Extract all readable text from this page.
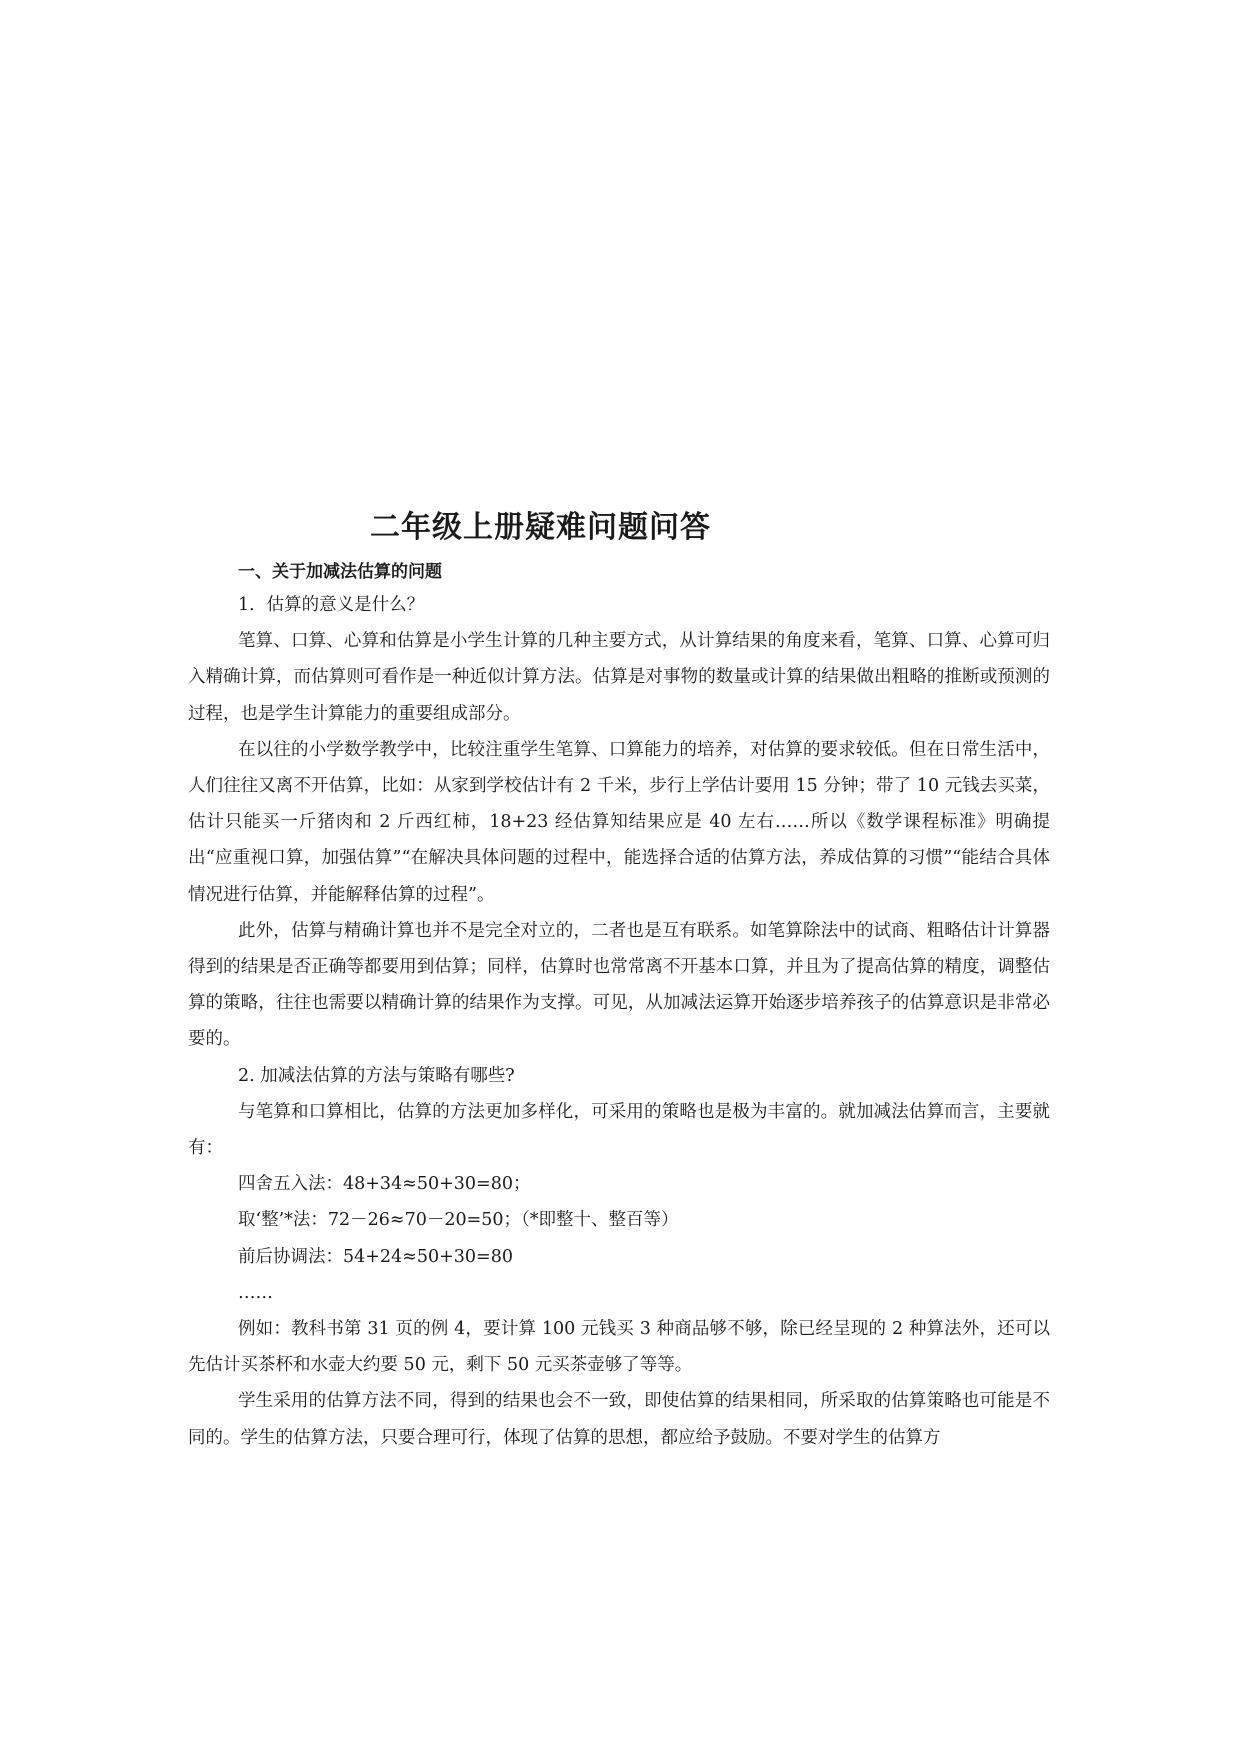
二年级上册疑难问题问答
一、关于加减法估算的问题

1．估算的意义是什么？

笔算、口算、心算和估算是小学生计算的几种主要方式，从计算结果的角度来看，笔算、口算、心算可归入精确计算，而估算则可看作是一种近似计算方法。估算是对事物的数量或计算的结果做出粗略的推断或预测的过程，也是学生计算能力的重要组成部分。

在以往的小学数学教学中，比较注重学生笔算、口算能力的培养，对估算的要求较低。但在日常生活中，人们往往又离不开估算，比如：从家到学校估计有 2 千米，步行上学估计要用 15 分钟；带了 10 元钱去买菜，估计只能买一斤猪肉和 2 斤西红柿，18+23 经估算知结果应是 40 左右……所以《数学课程标准》明确提出“应重视口算，加强估算”“在解决具体问题的过程中，能选择合适的估算方法，养成估算的习惯”“能结合具体情况进行估算，并能解释估算的过程”。

此外，估算与精确计算也并不是完全对立的，二者也是互有联系。如笔算除法中的试商、粗略估计计算器得到的结果是否正确等都要用到估算；同样，估算时也常常离不开基本口算，并且为了提高估算的精度，调整估算的策略，往往也需要以精确计算的结果作为支撑。可见，从加减法运算开始逐步培养孩子的估算意识是非常必要的。

2. 加减法估算的方法与策略有哪些?

与笔算和口算相比，估算的方法更加多样化，可采用的策略也是极为丰富的。就加减法估算而言，主要就有：

四舍五入法：48+34≈50+30=80；

取‘整’*法：72－26≈70－20=50；（*即整十、整百等）

前后协调法：54+24≈50+30=80

……

例如：教科书第 31 页的例 4，要计算 100 元钱买 3 种商品够不够，除已经呈现的 2 种算法外，还可以先估计买茶杯和水壶大约要 50 元，剩下 50 元买茶壶够了等等。

学生采用的估算方法不同，得到的结果也会不一致，即使估算的结果相同，所采取的估算策略也可能是不同的。学生的估算方法，只要合理可行，体现了估算的思想，都应给予鼓励。不要对学生的估算方
